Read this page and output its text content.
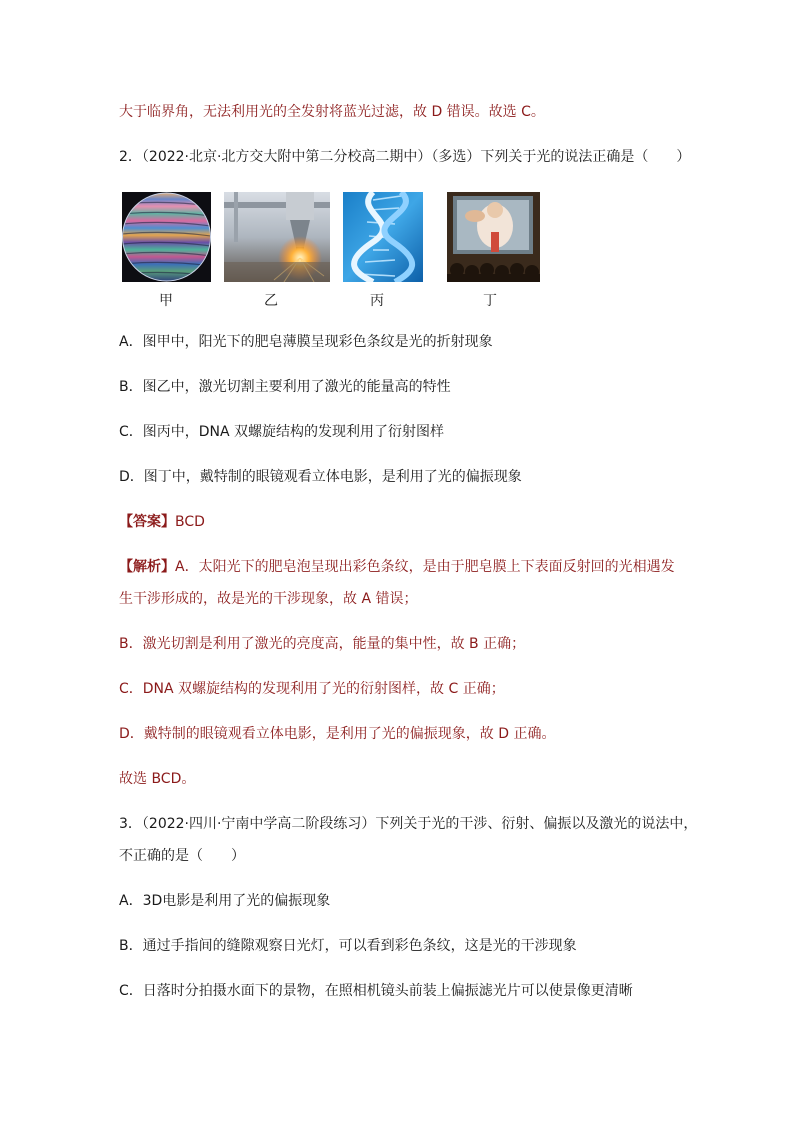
大于临界角，无法利用光的全发射将蓝光过滤，故 D 错误。故选 C。
2．（2022·北京·北方交大附中第二分校高二期中）（多选）下列关于光的说法正确是（　　）
甲	乙	丙	丁
A．图甲中，阳光下的肥皂薄膜呈现彩色条纹是光的折射现象
B．图乙中，激光切割主要利用了激光的能量高的特性
C．图丙中，DNA 双螺旋结构的发现利用了衍射图样
D．图丁中，戴特制的眼镜观看立体电影，是利用了光的偏振现象
【答案】BCD
【解析】A．太阳光下的肥皂泡呈现出彩色条纹，是由于肥皂膜上下表面反射回的光相遇发
生干涉形成的，故是光的干涉现象，故 A 错误；
B．激光切割是利用了激光的亮度高，能量的集中性，故 B 正确；
C．DNA 双螺旋结构的发现利用了光的衍射图样，故 C 正确；
D．戴特制的眼镜观看立体电影，是利用了光的偏振现象，故 D 正确。
故选 BCD。
3．（2022·四川·宁南中学高二阶段练习）下列关于光的干涉、衍射、偏振以及激光的说法中，
不正确的是（　　）
A．3D电影是利用了光的偏振现象
B．通过手指间的缝隙观察日光灯，可以看到彩色条纹，这是光的干涉现象
C．日落时分拍摄水面下的景物，在照相机镜头前装上偏振滤光片可以使景像更清晰
